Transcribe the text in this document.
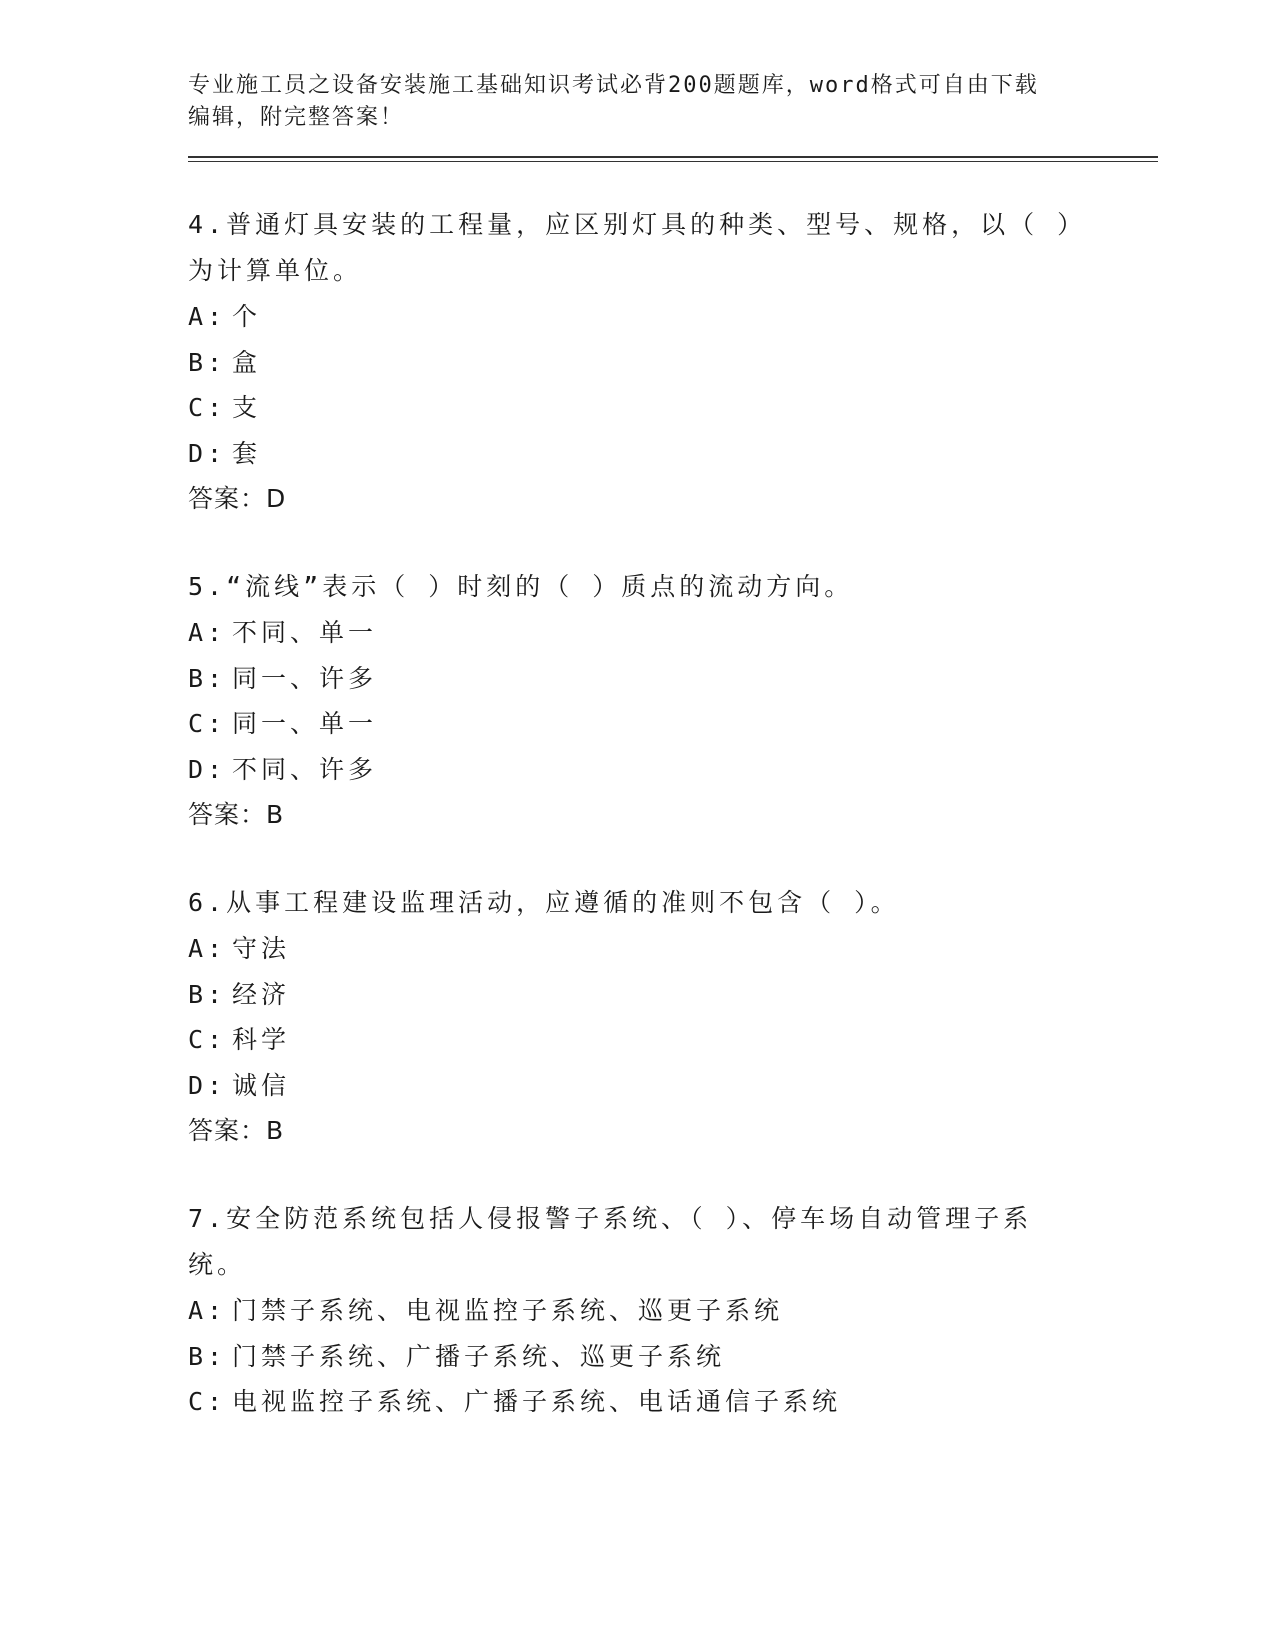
专业施工员之设备安装施工基础知识考试必背200题题库，word格式可自由下载
编辑，附完整答案！
4.普通灯具安装的工程量，应区别灯具的种类、型号、规格，以（ ）为计算单位。
A: 个
B: 盒
C: 支
D: 套
答案：D
5.“流线”表示（ ）时刻的（ ）质点的流动方向。
A: 不同、单一
B: 同一、许多
C: 同一、单一
D: 不同、许多
答案：B
6.从事工程建设监理活动，应遵循的准则不包含（ ）。
A: 守法
B: 经济
C: 科学
D: 诚信
答案：B
7.安全防范系统包括人侵报警子系统、（ ）、停车场自动管理子系统。
A: 门禁子系统、电视监控子系统、巡更子系统
B: 门禁子系统、广播子系统、巡更子系统
C: 电视监控子系统、广播子系统、电话通信子系统
